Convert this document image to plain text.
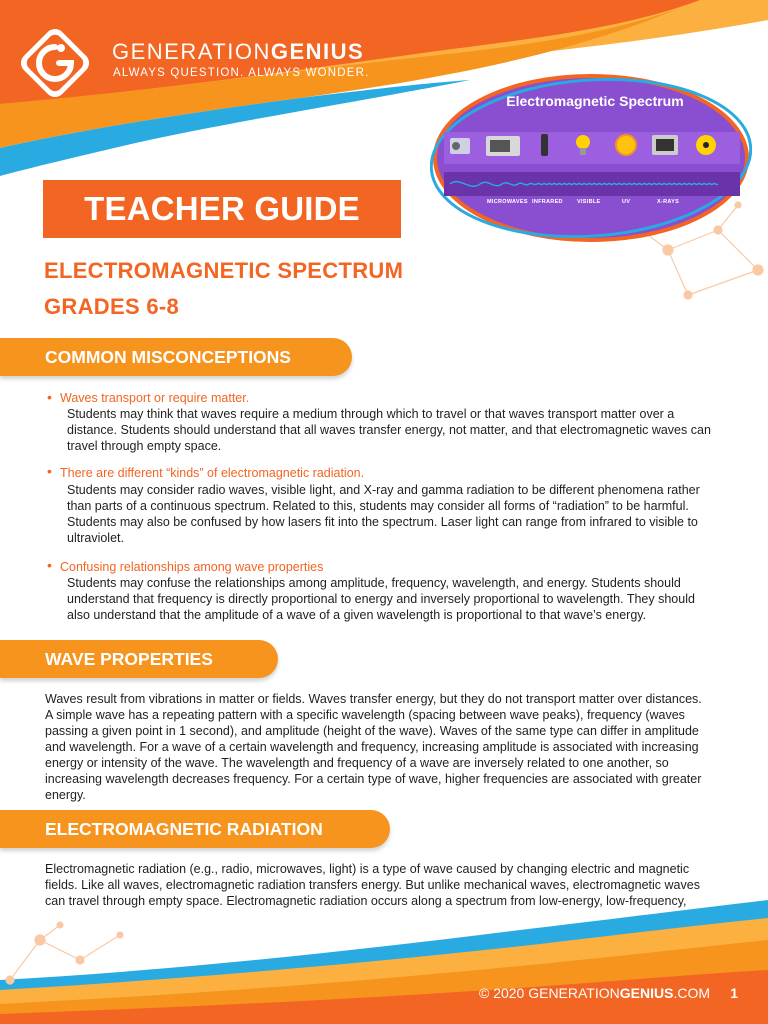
GENERATIONGENIUS
ALWAYS QUESTION. ALWAYS WONDER.
Electromagnetic Spectrum
MICROWAVES INFRARED	VISIBLE	UV	X-RAYS
TEACHER GUIDE
ELECTROMAGNETIC SPECTRUM
GRADES 6-8
COMMON MISCONCEPTIONS
• Waves transport or require matter.
Students may think that waves require a medium through which to travel or that waves transport matter over a
distance. Students should understand that all waves transfer energy, not matter, and that electromagnetic waves can
travel through empty space.
• There are different “kinds” of electromagnetic radiation.
Students may consider radio waves, visible light, and X-ray and gamma radiation to be different phenomena rather
than parts of a continuous spectrum. Related to this, students may consider all forms of “radiation” to be harmful.
Students may also be confused by how lasers fit into the spectrum. Laser light can range from infrared to visible to
ultraviolet.
• Confusing relationships among wave properties
Students may confuse the relationships among amplitude, frequency, wavelength, and energy. Students should
understand that frequency is directly proportional to energy and inversely proportional to wavelength. They should
also understand that the amplitude of a wave of a given wavelength is proportional to that wave’s energy.
WAVE PROPERTIES
Waves result from vibrations in matter or fields. Waves transfer energy, but they do not transport matter over distances.
A simple wave has a repeating pattern with a specific wavelength (spacing between wave peaks), frequency (waves
passing a given point in 1 second), and amplitude (height of the wave). Waves of the same type can differ in amplitude
and wavelength. For a wave of a certain wavelength and frequency, increasing amplitude is associated with increasing
energy or intensity of the wave. The wavelength and frequency of a wave are inversely related to one another, so
increasing wavelength decreases frequency. For a certain type of wave, higher frequencies are associated with greater
energy.
ELECTROMAGNETIC RADIATION
Electromagnetic radiation (e.g., radio, microwaves, light) is a type of wave caused by changing electric and magnetic
fields. Like all waves, electromagnetic radiation transfers energy. But unlike mechanical waves, electromagnetic waves
can travel through empty space. Electromagnetic radiation occurs along a spectrum from low-energy, low-frequency,
© 2020 GENERATIONGENIUS.COM 1
